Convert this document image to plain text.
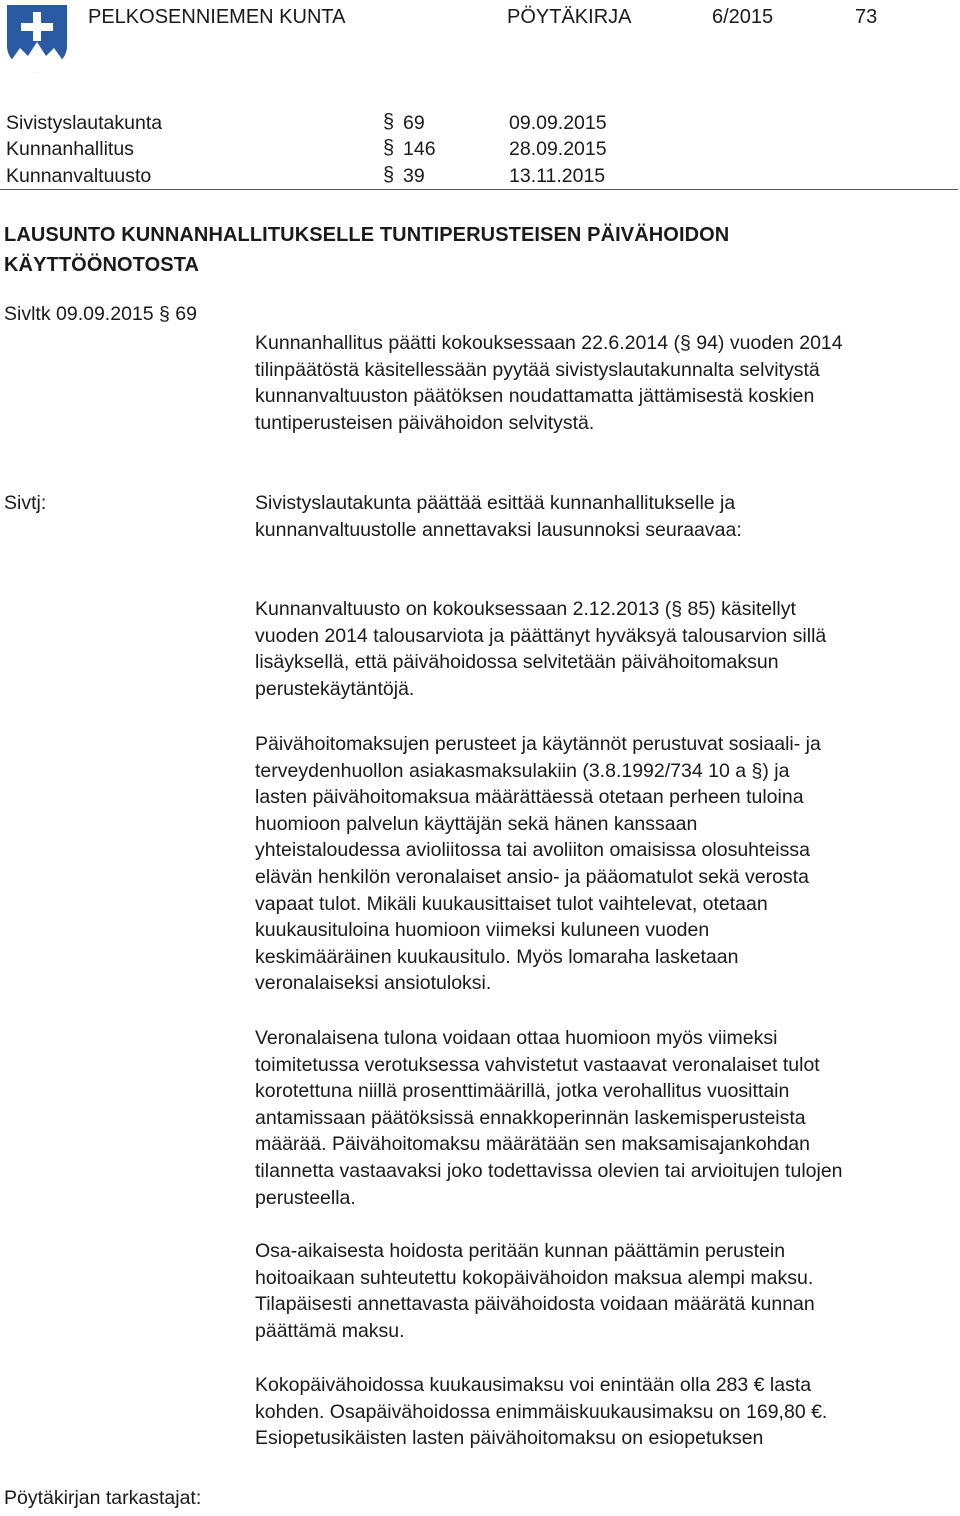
PELKOSENNIEMEN KUNTA	PÖYTÄKIRJA	6/2015	73
Sivistyslautakunta	§ 69	09.09.2015
Kunnanhallitus	§ 146	28.09.2015
Kunnanvaltuusto	§ 39	13.11.2015
LAUSUNTO KUNNANHALLITUKSELLE TUNTIPERUSTEISEN PÄIVÄHOIDON
KÄYTTÖÖNOTOSTA
Sivltk 09.09.2015 § 69
Kunnanhallitus päätti kokouksessaan 22.6.2014 (§ 94) vuoden 2014
tilinpäätöstä käsitellessään pyytää sivistyslautakunnalta selvitystä
kunnanvaltuuston päätöksen noudattamatta jättämisestä koskien
tuntiperusteisen päivähoidon selvitystä.
Sivtj:	Sivistyslautakunta päättää esittää kunnanhallitukselle ja
kunnanvaltuustolle annettavaksi lausunnoksi seuraavaa:
Kunnanvaltuusto on kokouksessaan 2.12.2013 (§ 85) käsitellyt
vuoden 2014 talousarviota ja päättänyt hyväksyä talousarvion sillä
lisäyksellä, että päivähoidossa selvitetään päivähoitomaksun
perustekäytäntöjä.
Päivähoitomaksujen perusteet ja käytännöt perustuvat sosiaali- ja
terveydenhuollon asiakasmaksulakiin (3.8.1992/734 10 a §) ja
lasten päivähoitomaksua määrättäessä otetaan perheen tuloina
huomioon palvelun käyttäjän sekä hänen kanssaan
yhteistaloudessa avioliitossa tai avoliiton omaisissa olosuhteissa
elävän henkilön veronalaiset ansio- ja pääomatulot sekä verosta
vapaat tulot. Mikäli kuukausittaiset tulot vaihtelevat, otetaan
kuukausituloina huomioon viimeksi kuluneen vuoden
keskimääräinen kuukausitulo. Myös lomaraha lasketaan
veronalaiseksi ansiotuloksi.
Veronalaisena tulona voidaan ottaa huomioon myös viimeksi
toimitetussa verotuksessa vahvistetut vastaavat veronalaiset tulot
korotettuna niillä prosenttimäärillä, jotka verohallitus vuosittain
antamissaan päätöksissä ennakkoperinnän laskemisperusteista
määrää. Päivähoitomaksu määrätään sen maksamisajankohdan
tilannetta vastaavaksi joko todettavissa olevien tai arvioitujen tulojen
perusteella.
Osa-aikaisesta hoidosta peritään kunnan päättämin perustein
hoitoaikaan suhteutettu kokopäivähoidon maksua alempi maksu.
Tilapäisesti annettavasta päivähoidosta voidaan määrätä kunnan
päättämä maksu.
Kokopäivähoidossa kuukausimaksu voi enintään olla 283 € lasta
kohden. Osapäivähoidossa enimmäiskuukausimaksu on 169,80 €.
Esiopetusikäisten lasten päivähoitomaksu on esiopetuksen
Pöytäkirjan tarkastajat:
